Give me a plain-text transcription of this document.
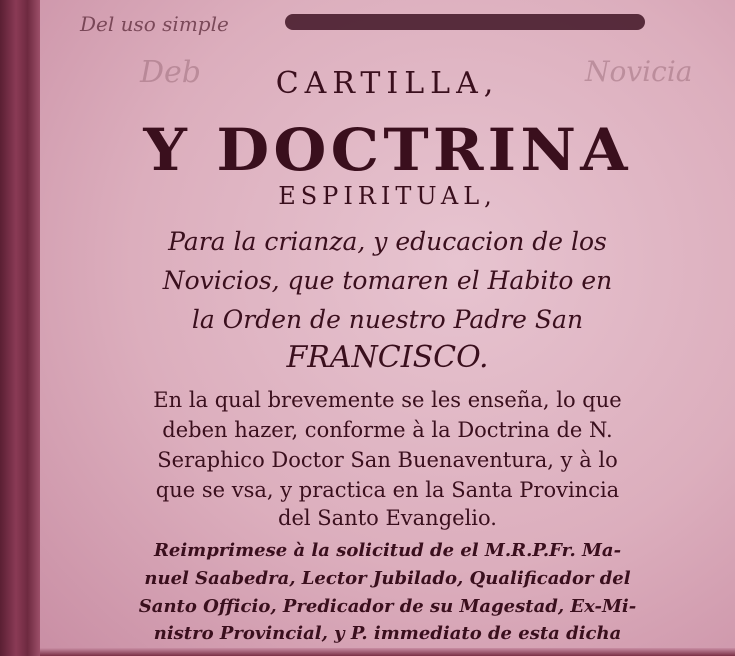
Del uso simple
Deb	Novicia
CARTILLA,
Y DOCTRINA
ESPIRITUAL,
Para la crianza, y educacion de los
Novicios, que tomaren el Habito en
la Orden de nuestro Padre San
FRANCISCO.
En la qual brevemente se les enseña, lo que
deben hazer, conforme à la Doctrina de N.
Seraphico Doctor San Buenaventura, y à lo
que se vsa, y practica en la Santa Provincia
del Santo Evangelio.
Reimprimese à la solicitud de el M.R.P.Fr. Ma-
nuel Saabedra, Lector Jubilado, Qualificador del
Santo Officio, Predicador de su Magestad, Ex-Mi-
nistro Provincial, y P. immediato de esta dicha
